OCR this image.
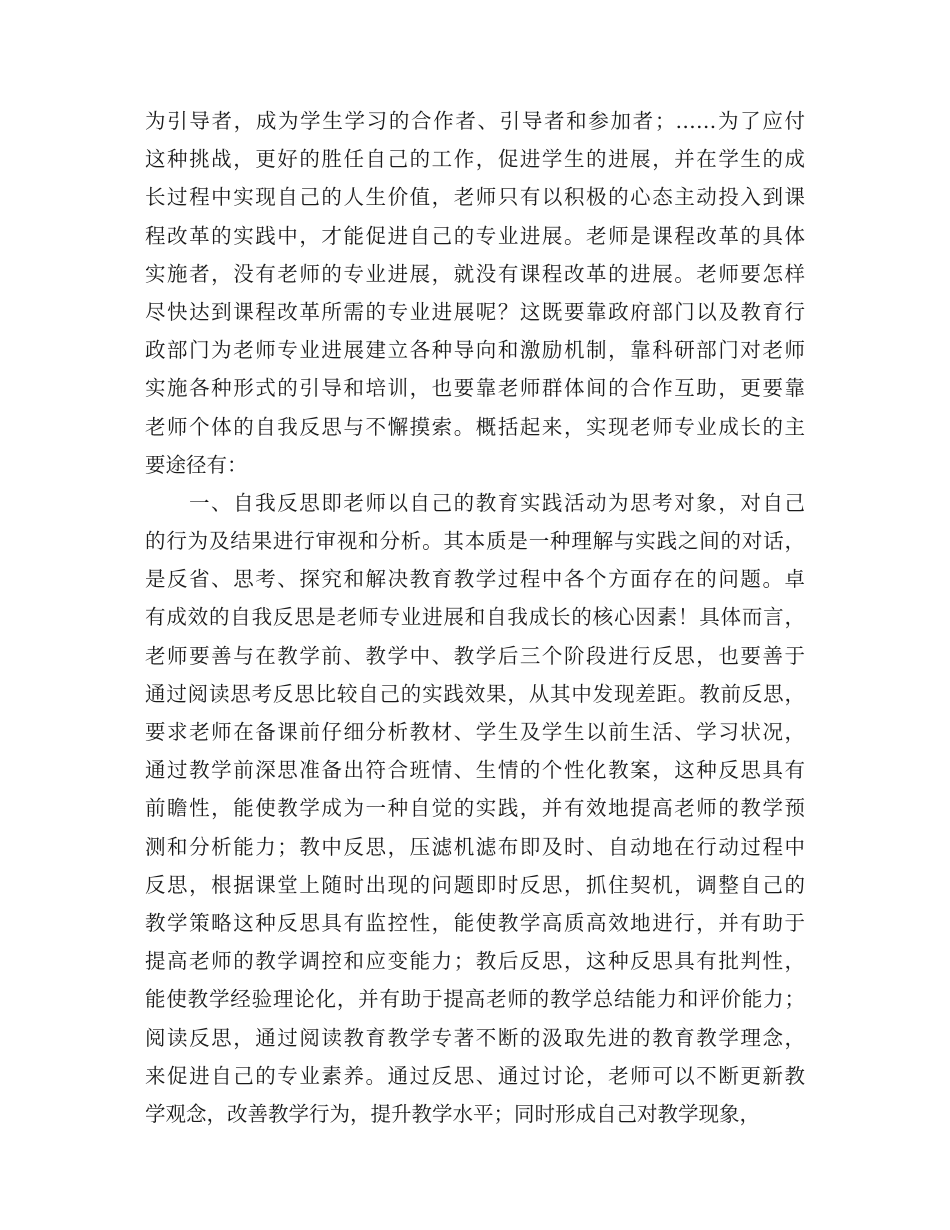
为引导者，成为学生学习的合作者、引导者和参加者；……为了应付
这种挑战，更好的胜任自己的工作，促进学生的进展，并在学生的成
长过程中实现自己的人生价值，老师只有以积极的心态主动投入到课
程改革的实践中，才能促进自己的专业进展。老师是课程改革的具体
实施者，没有老师的专业进展，就没有课程改革的进展。老师要怎样
尽快达到课程改革所需的专业进展呢？这既要靠政府部门以及教育行
政部门为老师专业进展建立各种导向和激励机制，靠科研部门对老师
实施各种形式的引导和培训，也要靠老师群体间的合作互助，更要靠
老师个体的自我反思与不懈摸索。概括起来，实现老师专业成长的主
要途径有：
一、自我反思即老师以自己的教育实践活动为思考对象，对自己
的行为及结果进行审视和分析。其本质是一种理解与实践之间的对话，
是反省、思考、探究和解决教育教学过程中各个方面存在的问题。卓
有成效的自我反思是老师专业进展和自我成长的核心因素！具体而言，
老师要善与在教学前、教学中、教学后三个阶段进行反思，也要善于
通过阅读思考反思比较自己的实践效果，从其中发现差距。教前反思，
要求老师在备课前仔细分析教材、学生及学生以前生活、学习状况，
通过教学前深思准备出符合班情、生情的个性化教案，这种反思具有
前瞻性，能使教学成为一种自觉的实践，并有效地提高老师的教学预
测和分析能力；教中反思，压滤机滤布即及时、自动地在行动过程中
反思，根据课堂上随时出现的问题即时反思，抓住契机，调整自己的
教学策略这种反思具有监控性，能使教学高质高效地进行，并有助于
提高老师的教学调控和应变能力；教后反思，这种反思具有批判性，
能使教学经验理论化，并有助于提高老师的教学总结能力和评价能力；
阅读反思，通过阅读教育教学专著不断的汲取先进的教育教学理念，
来促进自己的专业素养。通过反思、通过讨论，老师可以不断更新教
学观念，改善教学行为，提升教学水平；同时形成自己对教学现象，
